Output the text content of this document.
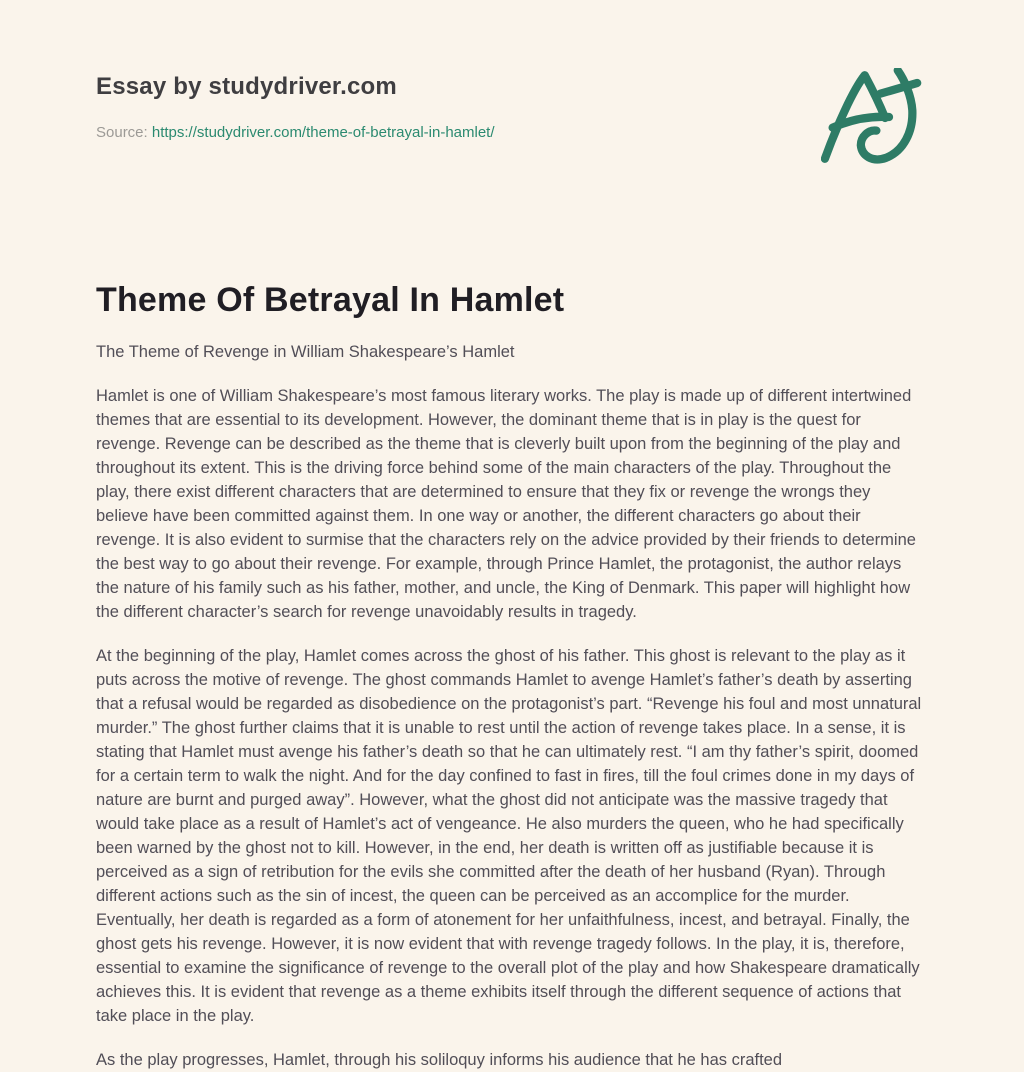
Essay by studydriver.com

Source: https://studydriver.com/theme-of-betrayal-in-hamlet/

Theme Of Betrayal In Hamlet

The Theme of Revenge in William Shakespeare’s Hamlet

Hamlet is one of William Shakespeare’s most famous literary works. The play is made up of different intertwined themes that are essential to its development. However, the dominant theme that is in play is the quest for revenge. Revenge can be described as the theme that is cleverly built upon from the beginning of the play and throughout its extent. This is the driving force behind some of the main characters of the play. Throughout the play, there exist different characters that are determined to ensure that they fix or revenge the wrongs they believe have been committed against them. In one way or another, the different characters go about their revenge. It is also evident to surmise that the characters rely on the advice provided by their friends to determine the best way to go about their revenge. For example, through Prince Hamlet, the protagonist, the author relays the nature of his family such as his father, mother, and uncle, the King of Denmark. This paper will highlight how the different character’s search for revenge unavoidably results in tragedy.

At the beginning of the play, Hamlet comes across the ghost of his father. This ghost is relevant to the play as it puts across the motive of revenge. The ghost commands Hamlet to avenge Hamlet’s father’s death by asserting that a refusal would be regarded as disobedience on the protagonist’s part. “Revenge his foul and most unnatural murder.” The ghost further claims that it is unable to rest until the action of revenge takes place. In a sense, it is stating that Hamlet must avenge his father’s death so that he can ultimately rest. “I am thy father’s spirit, doomed for a certain term to walk the night. And for the day confined to fast in fires, till the foul crimes done in my days of nature are burnt and purged away”. However, what the ghost did not anticipate was the massive tragedy that would take place as a result of Hamlet’s act of vengeance. He also murders the queen, who he had specifically been warned by the ghost not to kill. However, in the end, her death is written off as justifiable because it is perceived as a sign of retribution for the evils she committed after the death of her husband (Ryan). Through different actions such as the sin of incest, the queen can be perceived as an accomplice for the murder. Eventually, her death is regarded as a form of atonement for her unfaithfulness, incest, and betrayal. Finally, the ghost gets his revenge. However, it is now evident that with revenge tragedy follows. In the play, it is, therefore, essential to examine the significance of revenge to the overall plot of the play and how Shakespeare dramatically achieves this. It is evident that revenge as a theme exhibits itself through the different sequence of actions that take place in the play.

As the play progresses, Hamlet, through his soliloquy informs his audience that he has crafted
